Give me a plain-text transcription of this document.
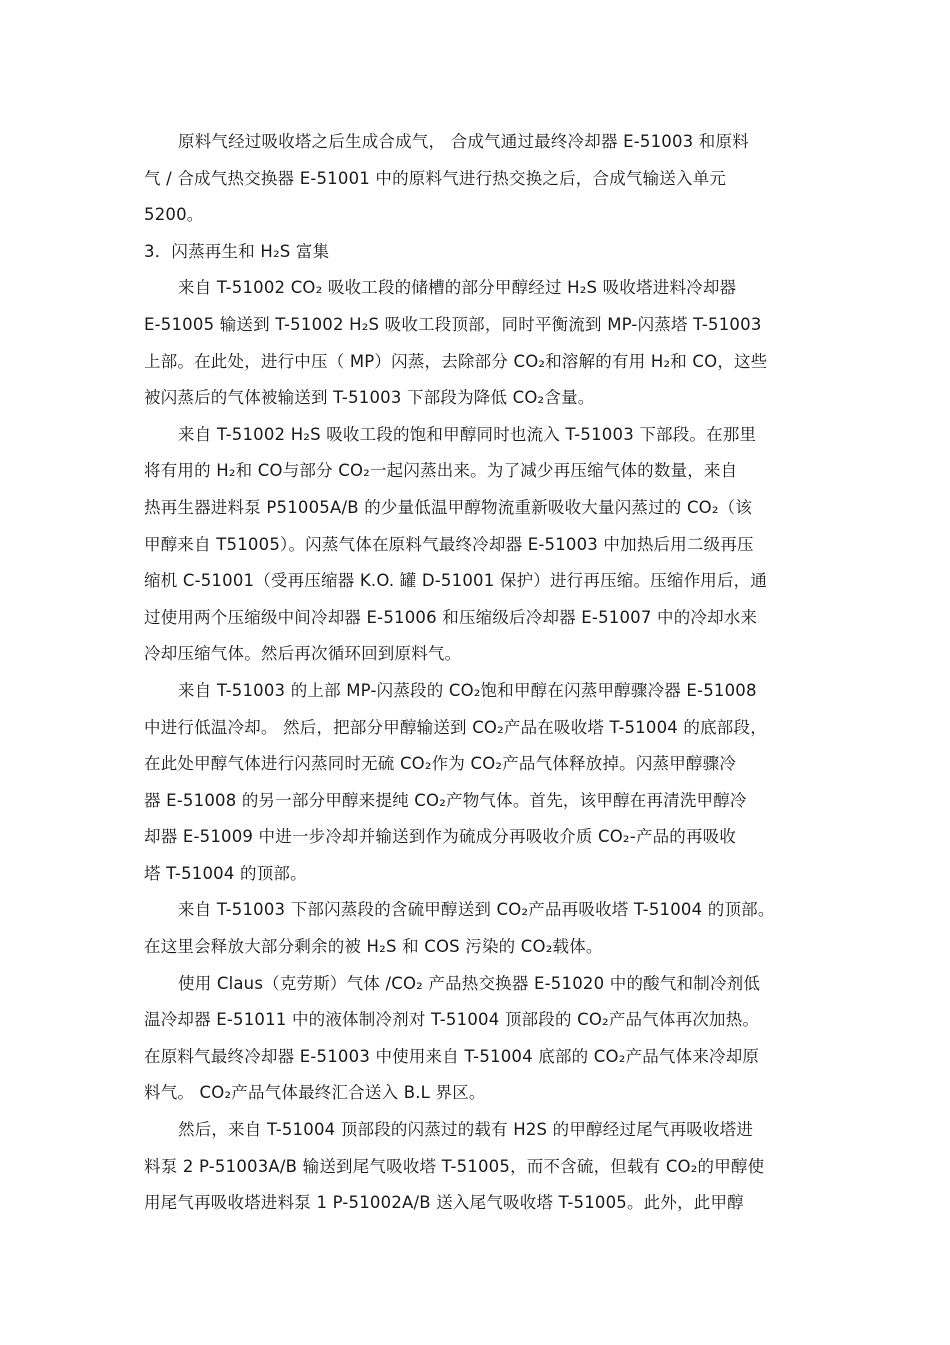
原料气经过吸收塔之后生成合成气， 合成气通过最终冷却器 E-51003 和原料
气 / 合成气热交换器 E-51001 中的原料气进行热交换之后，合成气输送入单元
5200。
3．闪蒸再生和 H₂S 富集
来自 T-51002 CO₂ 吸收工段的储槽的部分甲醇经过 H₂S 吸收塔进料冷却器
E-51005 输送到 T-51002 H₂S 吸收工段顶部，同时平衡流到 MP-闪蒸塔 T-51003
上部。在此处，进行中压（ MP）闪蒸，去除部分 CO₂和溶解的有用 H₂和 CO，这些
被闪蒸后的气体被输送到 T-51003 下部段为降低 CO₂含量。
来自 T-51002 H₂S 吸收工段的饱和甲醇同时也流入 T-51003 下部段。在那里
将有用的 H₂和 CO与部分 CO₂一起闪蒸出来。为了减少再压缩气体的数量，来自
热再生器进料泵 P51005A/B 的少量低温甲醇物流重新吸收大量闪蒸过的 CO₂（该
甲醇来自 T51005）。闪蒸气体在原料气最终冷却器 E-51003 中加热后用二级再压
缩机 C-51001（受再压缩器 K.O. 罐 D-51001 保护）进行再压缩。压缩作用后，通
过使用两个压缩级中间冷却器 E-51006 和压缩级后冷却器 E-51007 中的冷却水来
冷却压缩气体。然后再次循环回到原料气。
来自 T-51003 的上部 MP-闪蒸段的 CO₂饱和甲醇在闪蒸甲醇骤冷器 E-51008
中进行低温冷却。 然后，把部分甲醇输送到 CO₂产品在吸收塔 T-51004 的底部段，
在此处甲醇气体进行闪蒸同时无硫 CO₂作为 CO₂产品气体释放掉。闪蒸甲醇骤冷
器 E-51008 的另一部分甲醇来提纯 CO₂产物气体。首先，该甲醇在再清洗甲醇冷
却器 E-51009 中进一步冷却并输送到作为硫成分再吸收介质 CO₂-产品的再吸收
塔 T-51004 的顶部。
来自 T-51003 下部闪蒸段的含硫甲醇送到 CO₂产品再吸收塔 T-51004 的顶部。
在这里会释放大部分剩余的被 H₂S 和 COS 污染的 CO₂载体。
使用 Claus（克劳斯）气体 /CO₂ 产品热交换器 E-51020 中的酸气和制冷剂低
温冷却器 E-51011 中的液体制冷剂对 T-51004 顶部段的 CO₂产品气体再次加热。
在原料气最终冷却器 E-51003 中使用来自 T-51004 底部的 CO₂产品气体来冷却原
料气。 CO₂产品气体最终汇合送入 B.L 界区。
然后，来自 T-51004 顶部段的闪蒸过的载有 H2S 的甲醇经过尾气再吸收塔进
料泵 2 P-51003A/B 输送到尾气吸收塔 T-51005，而不含硫，但载有 CO₂的甲醇使
用尾气再吸收塔进料泵 1 P-51002A/B 送入尾气吸收塔 T-51005。此外，此甲醇
